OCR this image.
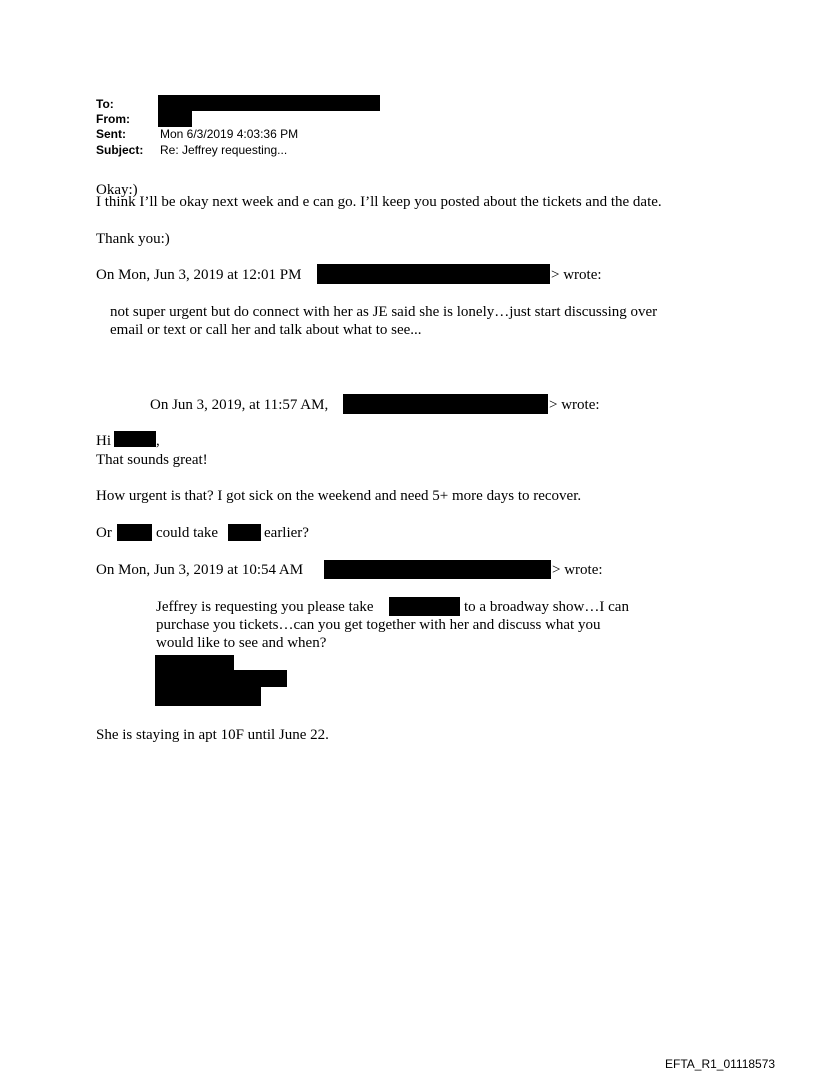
To:
From:
Sent:	Mon 6/3/2019 4:03:36 PM
Subject: Re: Jeffrey requesting...
Okay:)
I think I’ll be okay next week and e can go. I’ll keep you posted about the tickets and the date.
Thank you:)
On Mon, Jun 3, 2019 at 12:01 PM	> wrote:
not super urgent but do connect with her as JE said she is lonely…just start discussing over
email or text or call her and talk about what to see...
On Jun 3, 2019, at 11:57 AM,	> wrote:
Hi	,
That sounds great!
How urgent is that? I got sick on the weekend and need 5+ more days to recover.
Or	could take	earlier?
On Mon, Jun 3, 2019 at 10:54 AM	> wrote:
Jeffrey is requesting you please take	to a broadway show…I can
purchase you tickets…can you get together with her and discuss what you
would like to see and when?
She is staying in apt 10F until June 22.
EFTA_R1_01118573
